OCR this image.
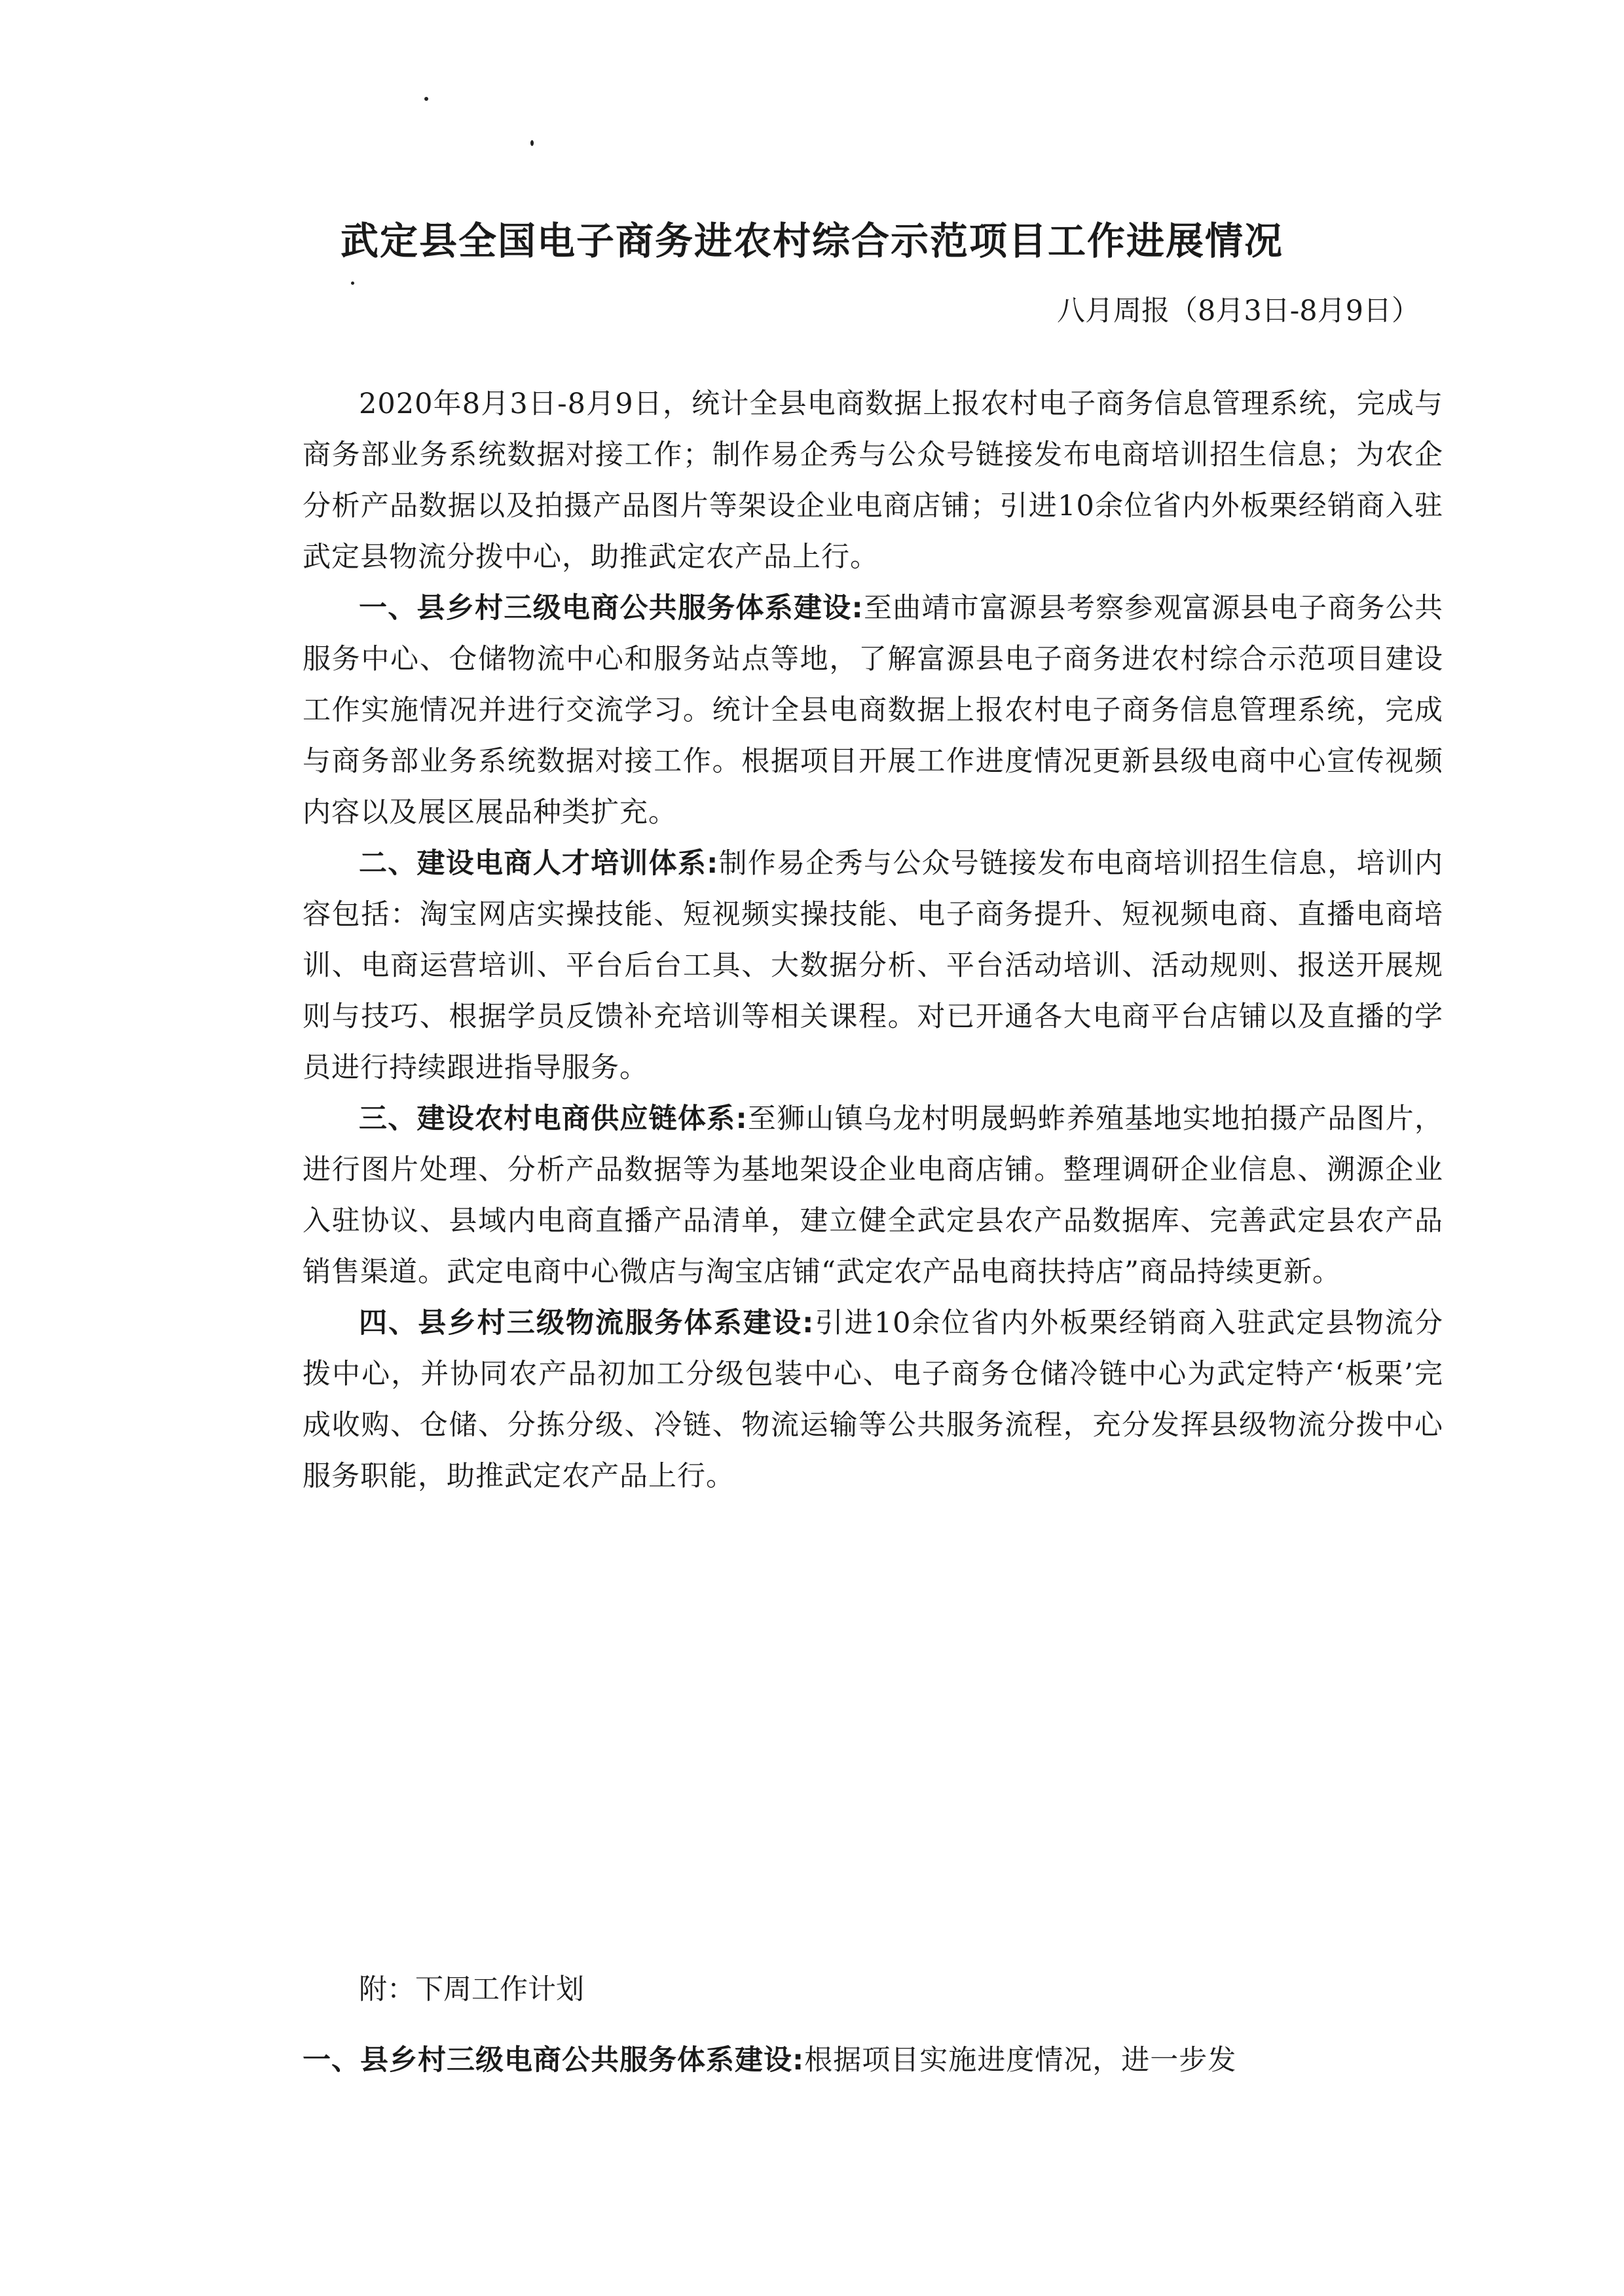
武定县全国电子商务进农村综合示范项目工作进展情况
八月周报（8月3日-8月9日）

2020年8月3日-8月9日，统计全县电商数据上报农村电子商务信息管理系统，完成与商务部业务系统数据对接工作；制作易企秀与公众号链接发布电商培训招生信息；为农企分析产品数据以及拍摄产品图片等架设企业电商店铺；引进10余位省内外板栗经销商入驻武定县物流分拨中心，助推武定农产品上行。

一、县乡村三级电商公共服务体系建设:至曲靖市富源县考察参观富源县电子商务公共服务中心、仓储物流中心和服务站点等地，了解富源县电子商务进农村综合示范项目建设工作实施情况并进行交流学习。统计全县电商数据上报农村电子商务信息管理系统，完成与商务部业务系统数据对接工作。根据项目开展工作进度情况更新县级电商中心宣传视频内容以及展区展品种类扩充。

二、建设电商人才培训体系:制作易企秀与公众号链接发布电商培训招生信息，培训内容包括：淘宝网店实操技能、短视频实操技能、电子商务提升、短视频电商、直播电商培训、电商运营培训、平台后台工具、大数据分析、平台活动培训、活动规则、报送开展规则与技巧、根据学员反馈补充培训等相关课程。对已开通各大电商平台店铺以及直播的学员进行持续跟进指导服务。

三、建设农村电商供应链体系:至狮山镇乌龙村明晟蚂蚱养殖基地实地拍摄产品图片，进行图片处理、分析产品数据等为基地架设企业电商店铺。整理调研企业信息、溯源企业入驻协议、县域内电商直播产品清单，建立健全武定县农产品数据库、完善武定县农产品销售渠道。武定电商中心微店与淘宝店铺“武定农产品电商扶持店”商品持续更新。

四、县乡村三级物流服务体系建设:引进10余位省内外板栗经销商入驻武定县物流分拨中心，并协同农产品初加工分级包装中心、电子商务仓储冷链中心为武定特产‘板栗’完成收购、仓储、分拣分级、冷链、物流运输等公共服务流程，充分发挥县级物流分拨中心服务职能，助推武定农产品上行。

附：下周工作计划

一、县乡村三级电商公共服务体系建设:根据项目实施进度情况，进一步发
